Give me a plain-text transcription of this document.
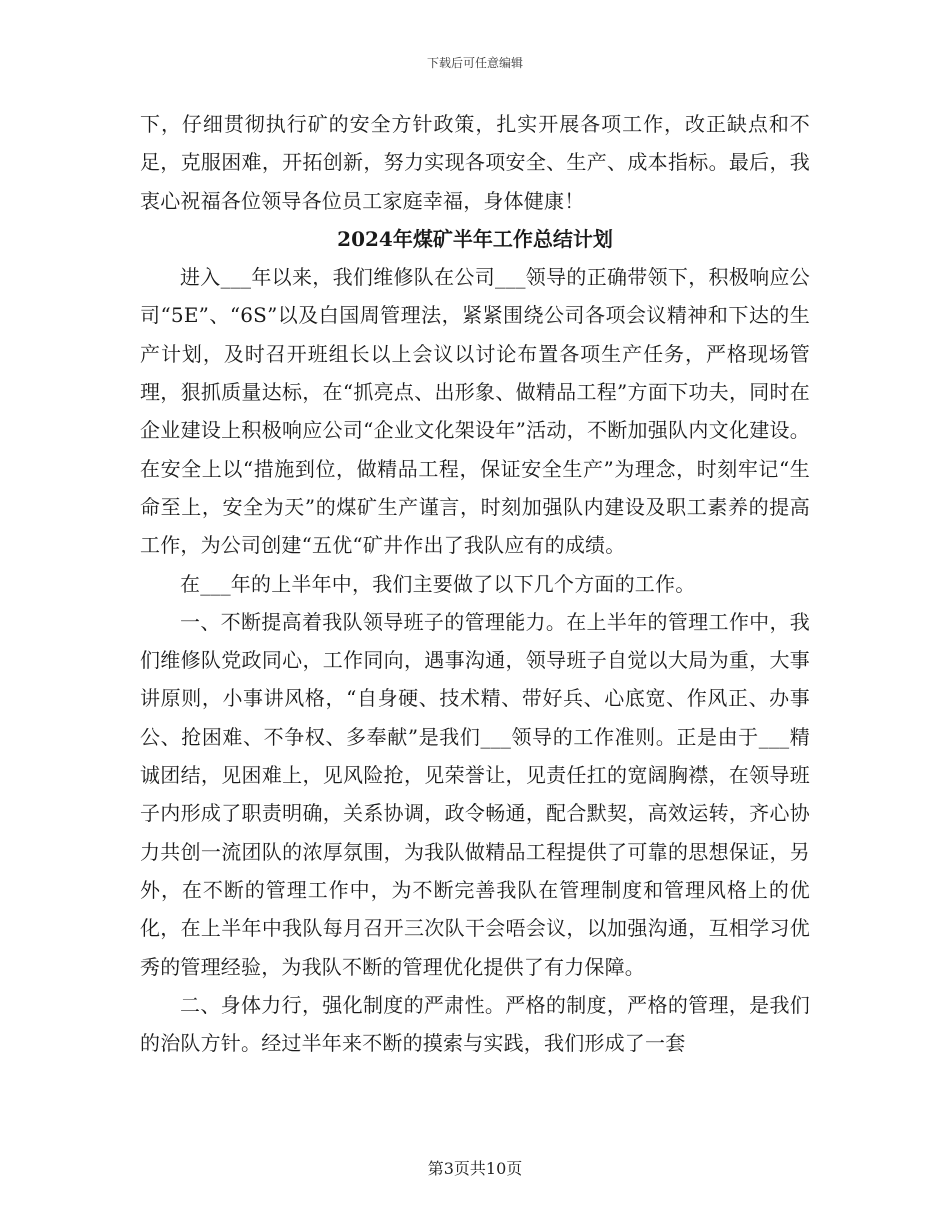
下载后可任意编辑

下，仔细贯彻执行矿的安全方针政策，扎实开展各项工作，改正缺点和不足，克服困难，开拓创新，努力实现各项安全、生产、成本指标。最后，我衷心祝福各位领导各位员工家庭幸福，身体健康！

2024年煤矿半年工作总结计划

进入___年以来，我们维修队在公司___领导的正确带领下，积极响应公司“5E”、“6S”以及白国周管理法，紧紧围绕公司各项会议精神和下达的生产计划，及时召开班组长以上会议以讨论布置各项生产任务，严格现场管理，狠抓质量达标，在“抓亮点、出形象、做精品工程”方面下功夫，同时在企业建设上积极响应公司“企业文化架设年”活动，不断加强队内文化建设。在安全上以“措施到位，做精品工程，保证安全生产”为理念，时刻牢记“生命至上，安全为天”的煤矿生产谨言，时刻加强队内建设及职工素养的提高工作，为公司创建“五优“矿井作出了我队应有的成绩。

在___年的上半年中，我们主要做了以下几个方面的工作。

一、不断提高着我队领导班子的管理能力。在上半年的管理工作中，我们维修队党政同心，工作同向，遇事沟通，领导班子自觉以大局为重，大事讲原则，小事讲风格，“自身硬、技术精、带好兵、心底宽、作风正、办事公、抢困难、不争权、多奉献”是我们___领导的工作准则。正是由于___精诚团结，见困难上，见风险抢，见荣誉让，见责任扛的宽阔胸襟，在领导班子内形成了职责明确，关系协调，政令畅通，配合默契，高效运转，齐心协力共创一流团队的浓厚氛围，为我队做精品工程提供了可靠的思想保证，另外，在不断的管理工作中，为不断完善我队在管理制度和管理风格上的优化，在上半年中我队每月召开三次队干会唔会议，以加强沟通，互相学习优秀的管理经验，为我队不断的管理优化提供了有力保障。

二、身体力行，强化制度的严肃性。严格的制度，严格的管理，是我们的治队方针。经过半年来不断的摸索与实践，我们形成了一套

第3页共10页
